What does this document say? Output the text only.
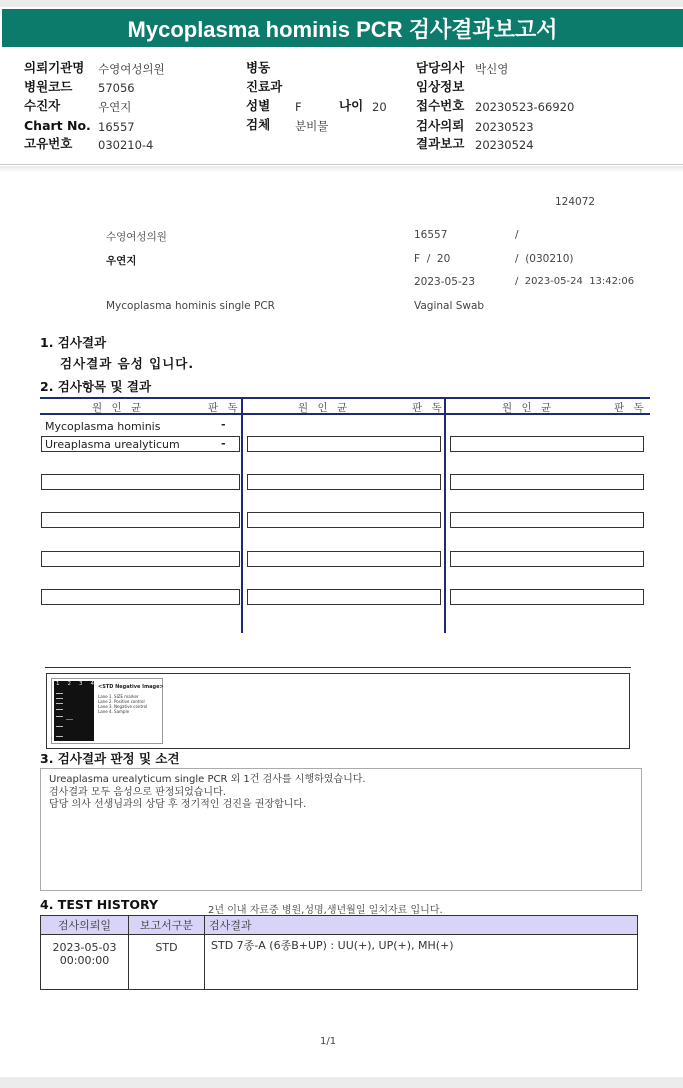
Mycoplasma hominis PCR 검사결과보고서
의뢰기관명 수영여성의원
병원코드 57056
수진자	우연지
Chart No. 16557
고유번호 030210-4
병동
진료과
성별 F	나이 20
검체 분비물
담당의사 박신영
임상정보
접수번호 20230523-66920
검사의뢰 20230523
결과보고 20230524
124072
수영여성의원	16557	/
우연지	F  /  20	/  (030210)
2023-05-23	/  2023-05-24  13:42:06
Mycoplasma hominis single PCR	Vaginal Swab
1. 검사결과
검사결과 음성 입니다.
2. 검사항목 및 결과
원 인 균	판 독	원 인 균	판 독	원 인 균	판 독
Mycoplasma hominis	-
Ureaplasma urealyticum	-
1 2 3 4 <STD Negative Image>
Lane 1. SIZE marker
Lane 2. Positive control
Lane 3. Negative control
Lane 4. Sample
3. 검사결과 판정 및 소견
Ureaplasma urealyticum single PCR 외 1건 검사를 시행하였습니다.
검사결과 모두 음성으로 판정되었습니다.
담당 의사 선생님과의 상담 후 정기적인 검진을 권장합니다.
4. TEST HISTORY	2년 이내 자료중 병원,성명,생년월일 일치자료 입니다.
검사의뢰일	보고서구분	검사결과

2023-05-03
00:00:00	STD	STD 7종-A (6종B+UP) : UU(+), UP(+), MH(+)
1/1
